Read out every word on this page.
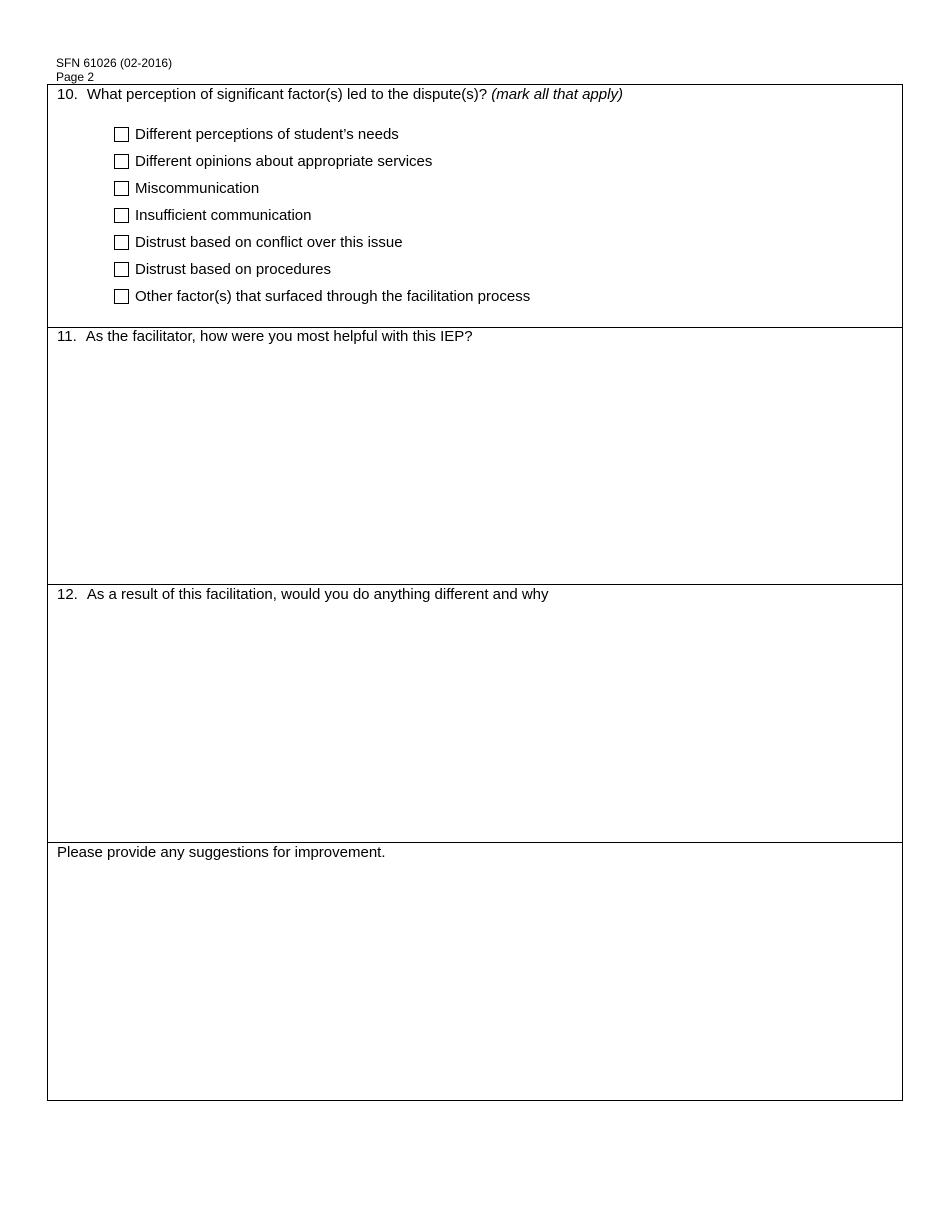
SFN 61026 (02-2016)
Page 2
10. What perception of significant factor(s) led to the dispute(s)? (mark all that apply)
Different perceptions of student’s needs
Different opinions about appropriate services
Miscommunication
Insufficient communication
Distrust based on conflict over this issue
Distrust based on procedures
Other factor(s) that surfaced through the facilitation process
11. As the facilitator, how were you most helpful with this IEP?
12. As a result of this facilitation, would you do anything different and why
Please provide any suggestions for improvement.
